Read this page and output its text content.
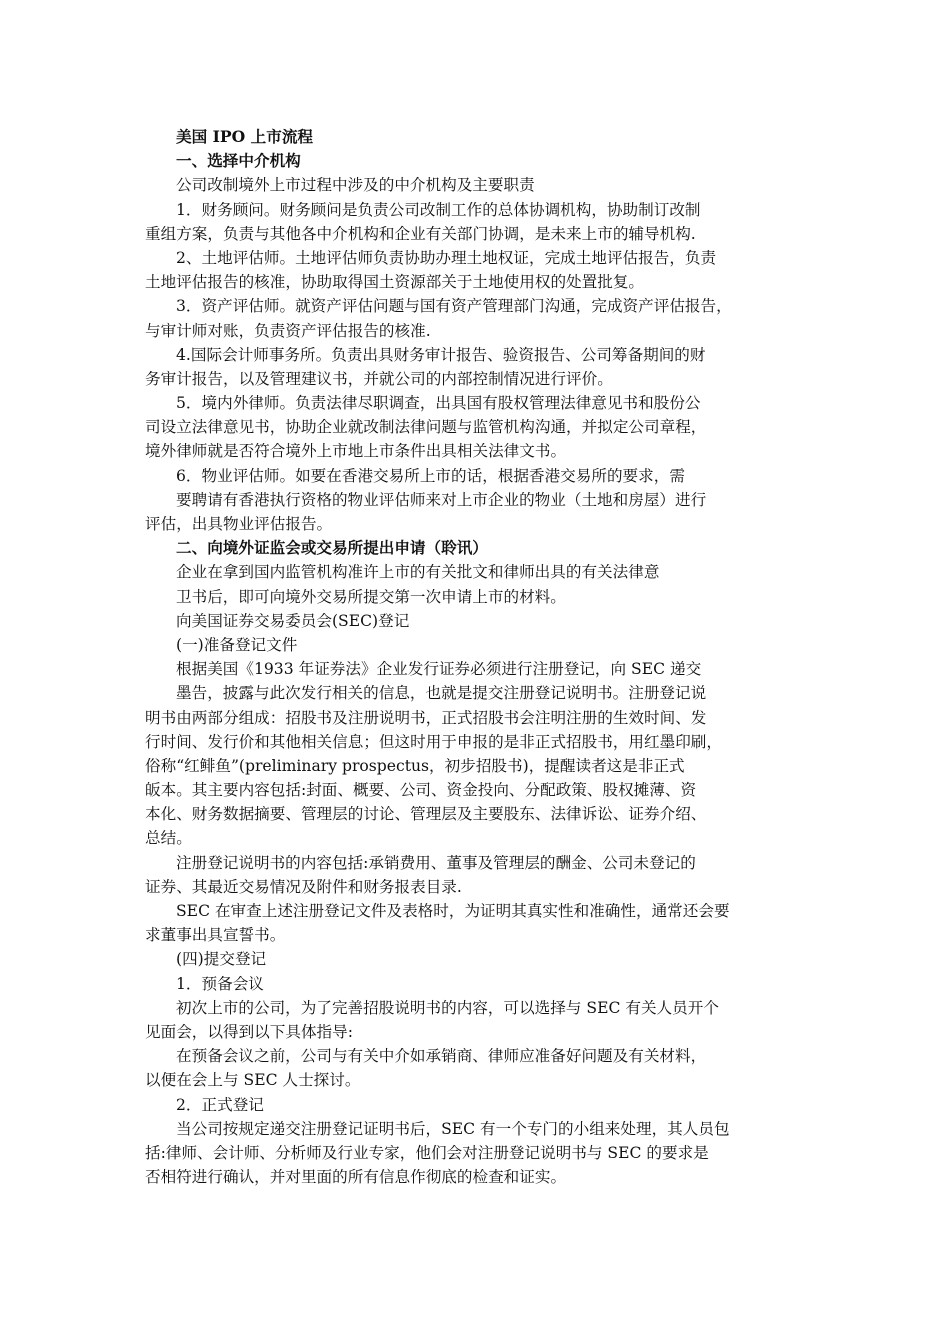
美国 IPO 上市流程
一、选择中介机构
公司改制境外上市过程中涉及的中介机构及主要职责
1．财务顾问。财务顾问是负责公司改制工作的总体协调机构，协助制订改制
重组方案，负责与其他各中介机构和企业有关部门协调，是未来上市的辅导机构.
2、土地评估师。土地评估师负责协助办理土地权证，完成土地评估报告，负责
土地评估报告的核准，协助取得国土资源部关于土地使用权的处置批复。
3．资产评估师。就资产评估问题与国有资产管理部门沟通，完成资产评估报告，
与审计师对账，负责资产评估报告的核准.
4.国际会计师事务所。负责出具财务审计报告、验资报告、公司筹备期间的财
务审计报告，以及管理建议书，并就公司的内部控制情况进行评价。
5．境内外律师。负责法律尽职调查，出具国有股权管理法律意见书和股份公
司设立法律意见书，协助企业就改制法律问题与监管机构沟通，并拟定公司章程，
境外律师就是否符合境外上市地上市条件出具相关法律文书。
6．物业评估师。如要在香港交易所上市的话，根据香港交易所的要求，需
要聘请有香港执行资格的物业评估师来对上市企业的物业（土地和房屋）进行
评估，出具物业评估报告。
二、向境外证监会或交易所提出申请（聆讯）
企业在拿到国内监管机构准许上市的有关批文和律师出具的有关法律意
卫书后，即可向境外交易所提交第一次申请上市的材料。
向美国证券交易委员会(SEC)登记
(一)准备登记文件
根据美国《1933 年证券法》企业发行证券必须进行注册登记，向 SEC 递交
墨告，披露与此次发行相关的信息，也就是提交注册登记说明书。注册登记说
明书由两部分组成：招股书及注册说明书，正式招股书会注明注册的生效时间、发
行时间、发行价和其他相关信息；但这时用于申报的是非正式招股书，用红墨印刷，
俗称“红鲱鱼”(preliminary prospectus，初步招股书)，提醒读者这是非正式
皈本。其主要内容包括:封面、概要、公司、资金投向、分配政策、股权摊薄、资
本化、财务数据摘要、管理层的讨论、管理层及主要股东、法律诉讼、证券介绍、
总结。
注册登记说明书的内容包括:承销费用、董事及管理层的酬金、公司未登记的
证券、其最近交易情况及附件和财务报表目录.
SEC 在审查上述注册登记文件及表格时，为证明其真实性和准确性，通常还会要
求董事出具宣誓书。
(四)提交登记
1．预备会议
初次上市的公司，为了完善招股说明书的内容，可以选择与 SEC 有关人员开个
见面会，以得到以下具体指导:
在预备会议之前，公司与有关中介如承销商、律师应准备好问题及有关材料，
以便在会上与 SEC 人士探讨。
2．正式登记
当公司按规定递交注册登记证明书后，SEC 有一个专门的小组来处理，其人员包
括:律师、会计师、分析师及行业专家，他们会对注册登记说明书与 SEC 的要求是
否相符进行确认，并对里面的所有信息作彻底的检查和证实。
